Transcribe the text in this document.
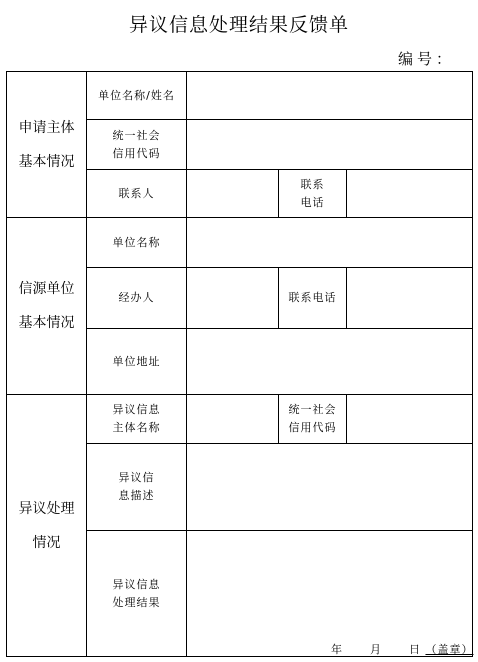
异议信息处理结果反馈单
编号：
申请主体
基本情况
单位名称/姓名
统一社会
信用代码
联系人
联系
电话
信源单位
基本情况
单位名称
经办人	联系电话
单位地址
异议处理
情况
异议信息
主体名称
统一社会
信用代码
异议信
息描述
异议信息
处理结果
年 月 日 （盖章）
